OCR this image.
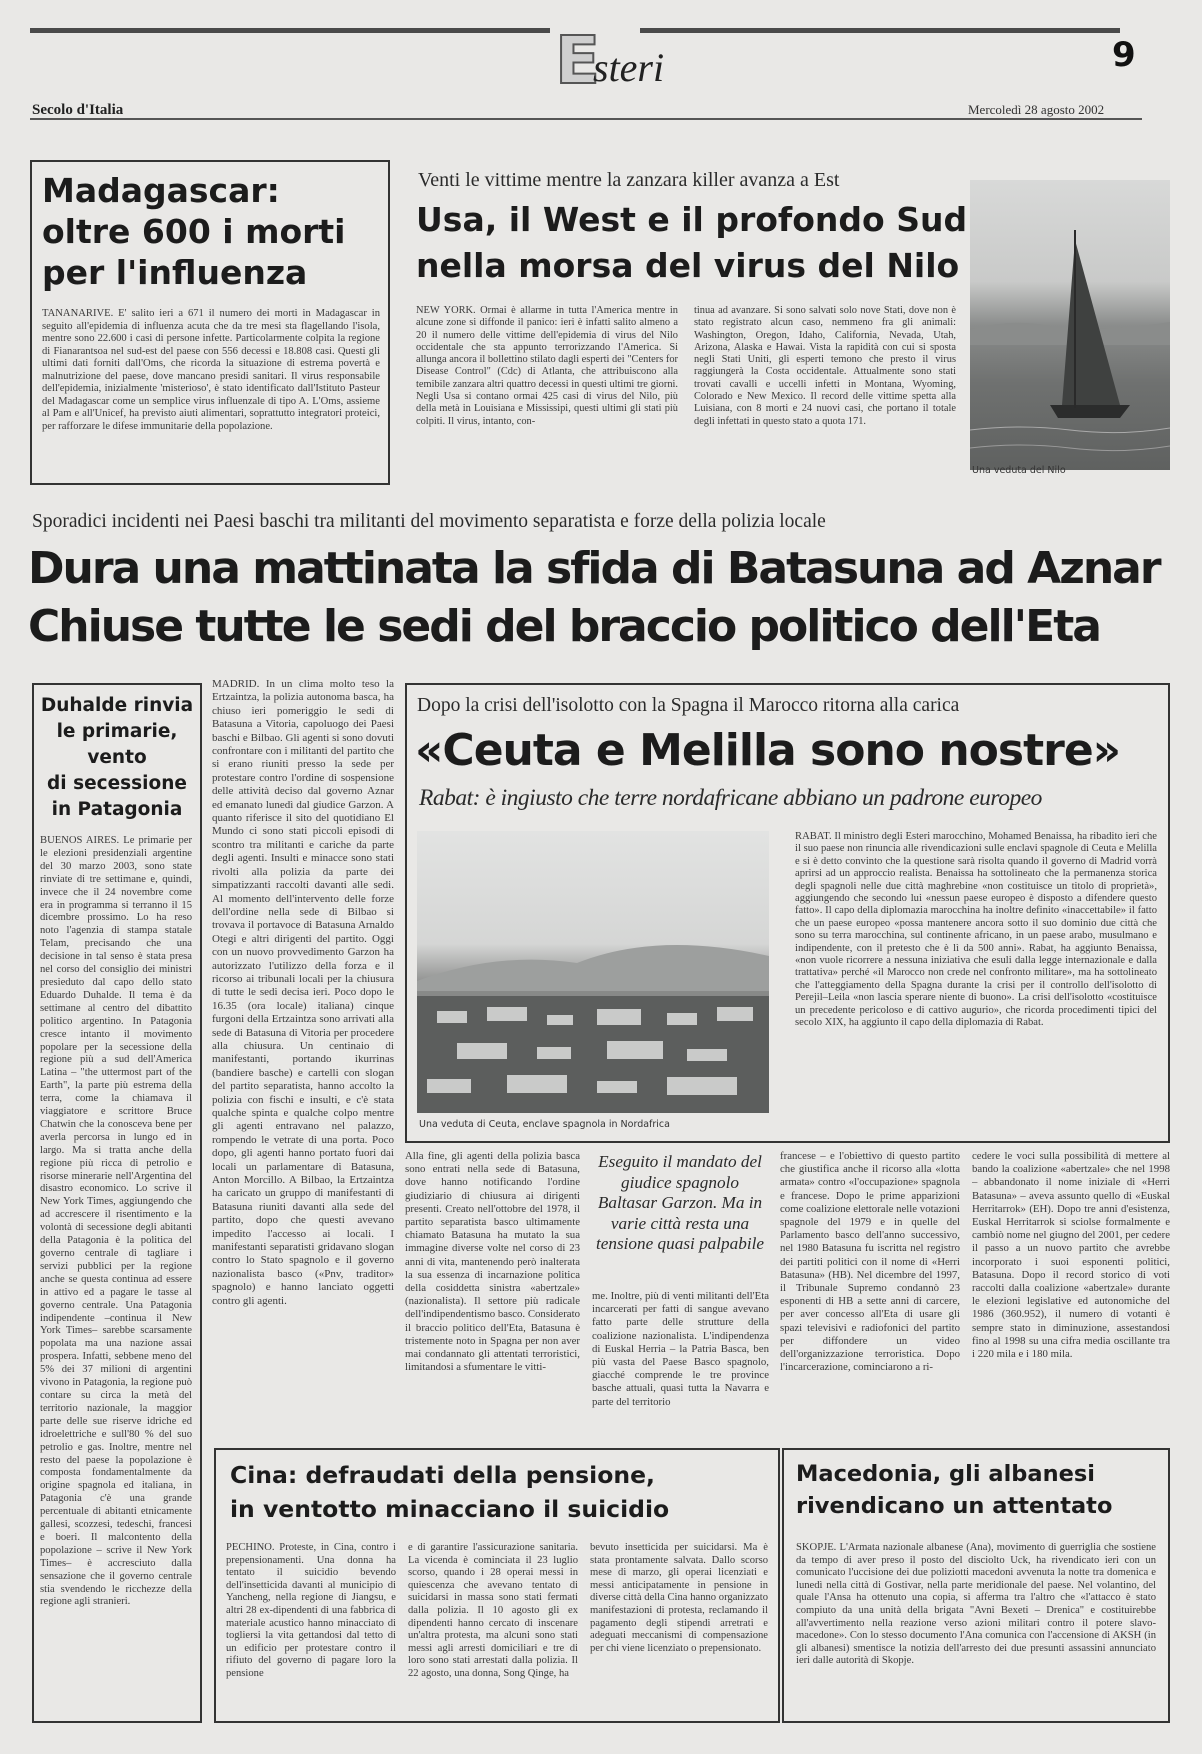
E
steri	9
Secolo d'Italia	Mercoledì 28 agosto 2002
Madagascar:
oltre 600 i morti
per l'influenza
TANANARIVE. E' salito ieri a 671 il numero dei morti in Madagascar in seguito all'epidemia di influenza acuta che da tre mesi sta flagellando l'isola, mentre sono 22.600 i casi di persone infette. Particolarmente colpita la regione di Fianarantsoa nel sud-est del paese con 556 decessi e 18.808 casi. Questi gli ultimi dati forniti dall'Oms, che ricorda la situazione di estrema povertà e malnutrizione del paese, dove mancano presidi sanitari. Il virus responsabile dell'epidemia, inizialmente 'misterioso', è stato identificato dall'Istituto Pasteur del Madagascar come un semplice virus influenzale di tipo A. L'Oms, assieme al Pam e all'Unicef, ha previsto aiuti alimentari, soprattutto integratori proteici, per rafforzare le difese immunitarie della popolazione.
Venti le vittime mentre la zanzara killer avanza a Est
Usa, il West e il profondo Sud
nella morsa del virus del Nilo
NEW YORK. Ormai è allarme in tutta l'America mentre in alcune zone si diffonde il panico: ieri è infatti salito almeno a 20 il numero delle vittime dell'epidemia di virus del Nilo occidentale che sta appunto terrorizzando l'America. Si allunga ancora il bollettino stilato dagli esperti dei "Centers for Disease Control" (Cdc) di Atlanta, che attribuiscono alla temibile zanzara altri quattro decessi in questi ultimi tre giorni. Negli Usa si contano ormai 425 casi di virus del Nilo, più della metà in Louisiana e Mississipi, questi ultimi gli stati più colpiti. Il virus, intanto, con-
tinua ad avanzare. Si sono salvati solo nove Stati, dove non è stato registrato alcun caso, nemmeno fra gli animali: Washington, Oregon, Idaho, California, Nevada, Utah, Arizona, Alaska e Hawai. Vista la rapidità con cui si sposta negli Stati Uniti, gli esperti temono che presto il virus raggiungerà la Costa occidentale. Attualmente sono stati trovati cavalli e uccelli infetti in Montana, Wyoming, Colorado e New Mexico. Il record delle vittime spetta alla Luisiana, con 8 morti e 24 nuovi casi, che portano il totale degli infettati in questo stato a quota 171.
Una veduta del Nilo
Sporadici incidenti nei Paesi baschi tra militanti del movimento separatista e forze della polizia locale
Dura una mattinata la sfida di Batasuna ad Aznar
Chiuse tutte le sedi del braccio politico dell'Eta
Duhalde rinvia
le primarie,
vento
di secessione
in Patagonia
BUENOS AIRES. Le primarie per le elezioni presidenziali argentine del 30 marzo 2003, sono state rinviate di tre settimane e, quindi, invece che il 24 novembre come era in programma si terranno il 15 dicembre prossimo. Lo ha reso noto l'agenzia di stampa statale Telam, precisando che una decisione in tal senso è stata presa nel corso del consiglio dei ministri presieduto dal capo dello stato Eduardo Duhalde. Il tema è da settimane al centro del dibattito politico argentino. In Patagonia cresce intanto il movimento popolare per la secessione della regione più a sud dell'America Latina – "the uttermost part of the Earth", la parte più estrema della terra, come la chiamava il viaggiatore e scrittore Bruce Chatwin che la conosceva bene per averla percorsa in lungo ed in largo. Ma si tratta anche della regione più ricca di petrolio e risorse minerarie nell'Argentina del disastro economico. Lo scrive il New York Times, aggiungendo che ad accrescere il risentimento e la volontà di secessione degli abitanti della Patagonia è la politica del governo centrale di tagliare i servizi pubblici per la regione anche se questa continua ad essere in attivo ed a pagare le tasse al governo centrale. Una Patagonia indipendente –continua il New York Times– sarebbe scarsamente popolata ma una nazione assai prospera. Infatti, sebbene meno del 5% dei 37 milioni di argentini vivono in Patagonia, la regione può contare su circa la metà del territorio nazionale, la maggior parte delle sue riserve idriche ed idroelettriche e sull'80 % del suo petrolio e gas. Inoltre, mentre nel resto del paese la popolazione è composta fondamentalmente da origine spagnola ed italiana, in Patagonia c'è una grande percentuale di abitanti etnicamente gallesi, scozzesi, tedeschi, francesi e boeri. Il malcontento della popolazione – scrive il New York Times– è accresciuto dalla sensazione che il governo centrale stia svendendo le ricchezze della regione agli stranieri.
MADRID. In un clima molto teso la Ertzaintza, la polizia autonoma basca, ha chiuso ieri pomeriggio le sedi di Batasuna a Vitoria, capoluogo dei Paesi baschi e Bilbao. Gli agenti si sono dovuti confrontare con i militanti del partito che si erano riuniti presso la sede per protestare contro l'ordine di sospensione delle attività deciso dal governo Aznar ed emanato lunedì dal giudice Garzon. A quanto riferisce il sito del quotidiano El Mundo ci sono stati piccoli episodi di scontro tra militanti e cariche da parte degli agenti. Insulti e minacce sono stati rivolti alla polizia da parte dei simpatizzanti raccolti davanti alle sedi. Al momento dell'intervento delle forze dell'ordine nella sede di Bilbao si trovava il portavoce di Batasuna Arnaldo Otegi e altri dirigenti del partito. Oggi con un nuovo provvedimento Garzon ha autorizzato l'utilizzo della forza e il ricorso ai tribunali locali per la chiusura di tutte le sedi decisa ieri. Poco dopo le 16.35 (ora locale) italiana) cinque furgoni della Ertzaintza sono arrivati alla sede di Batasuna di Vitoria per procedere alla chiusura. Un centinaio di manifestanti, portando ikurrinas (bandiere basche) e cartelli con slogan del partito separatista, hanno accolto la polizia con fischi e insulti, e c'è stata qualche spinta e qualche colpo mentre gli agenti entravano nel palazzo, rompendo le vetrate di una porta. Poco dopo, gli agenti hanno portato fuori dai locali un parlamentare di Batasuna, Anton Morcillo. A Bilbao, la Ertzaintza ha caricato un gruppo di manifestanti di Batasuna riuniti davanti alla sede del partito, dopo che questi avevano impedito l'accesso ai locali. I manifestanti separatisti gridavano slogan contro lo Stato spagnolo e il governo nazionalista basco («Pnv, traditor» spagnolo) e hanno lanciato oggetti contro gli agenti.
Dopo la crisi dell'isolotto con la Spagna il Marocco ritorna alla carica
«Ceuta e Melilla sono nostre»
Rabat: è ingiusto che terre nordafricane abbiano un padrone europeo
Una veduta di Ceuta, enclave spagnola in Nordafrica
RABAT. Il ministro degli Esteri marocchino, Mohamed Benaissa, ha ribadito ieri che il suo paese non rinuncia alle rivendicazioni sulle enclavi spagnole di Ceuta e Melilla e si è detto convinto che la questione sarà risolta quando il governo di Madrid vorrà aprirsi ad un approccio realista. Benaissa ha sottolineato che la permanenza storica degli spagnoli nelle due città maghrebine «non costituisce un titolo di proprietà», aggiungendo che secondo lui «nessun paese europeo è disposto a difendere questo fatto». Il capo della diplomazia marocchina ha inoltre definito «inaccettabile» il fatto che un paese europeo «possa mantenere ancora sotto il suo dominio due città che sono su terra marocchina, sul continente africano, in un paese arabo, musulmano e indipendente, con il pretesto che è lì da 500 anni». Rabat, ha aggiunto Benaissa, «non vuole ricorrere a nessuna iniziativa che esuli dalla legge internazionale e dalla trattativa» perché «il Marocco non crede nel confronto militare», ma ha sottolineato che l'atteggiamento della Spagna durante la crisi per il controllo dell'isolotto di Perejil–Leila «non lascia sperare niente di buono». La crisi dell'isolotto «costituisce un precedente pericoloso e di cattivo augurio», che ricorda procedimenti tipici del secolo XIX, ha aggiunto il capo della diplomazia di Rabat.
Alla fine, gli agenti della polizia basca sono entrati nella sede di Batasuna, dove hanno notificando l'ordine giudiziario di chiusura ai dirigenti presenti. Creato nell'ottobre del 1978, il partito separatista basco ultimamente chiamato Batasuna ha mutato la sua immagine diverse volte nel corso di 23 anni di vita, mantenendo però inalterata la sua essenza di incarnazione politica della cosiddetta sinistra «abertzale» (nazionalista). Il settore più radicale dell'indipendentismo basco. Considerato il braccio politico dell'Eta, Batasuna è tristemente noto in Spagna per non aver mai condannato gli attentati terroristici, limitandosi a sfumentare le vitti-
Eseguito il mandato del giudice spagnolo Baltasar Garzon. Ma in varie città resta una tensione quasi palpabile
me. Inoltre, più di venti militanti dell'Eta incarcerati per fatti di sangue avevano fatto parte delle strutture della coalizione nazionalista. L'indipendenza di Euskal Herria – la Patria Basca, ben più vasta del Paese Basco spagnolo, giacché comprende le tre province basche attuali, quasi tutta la Navarra e parte del territorio
francese – e l'obiettivo di questo partito che giustifica anche il ricorso alla «lotta armata» contro «l'occupazione» spagnola e francese. Dopo le prime apparizioni come coalizione elettorale nelle votazioni spagnole del 1979 e in quelle del Parlamento basco dell'anno successivo, nel 1980 Batasuna fu iscritta nel registro dei partiti politici con il nome di «Herri Batasuna» (HB). Nel dicembre del 1997, il Tribunale Supremo condannò 23 esponenti di HB a sette anni di carcere, per aver concesso all'Eta di usare gli spazi televisivi e radiofonici del partito per diffondere un video dell'organizzazione terroristica. Dopo l'incarcerazione, cominciarono a ri-
cedere le voci sulla possibilità di mettere al bando la coalizione «abertzale» che nel 1998 – abbandonato il nome iniziale di «Herri Batasuna» – aveva assunto quello di «Euskal Herritarrok» (EH). Dopo tre anni d'esistenza, Euskal Herritarrok si sciolse formalmente e cambiò nome nel giugno del 2001, per cedere il passo a un nuovo partito che avrebbe incorporato i suoi esponenti politici, Batasuna. Dopo il record storico di voti raccolti dalla coalizione «abertzale» durante le elezioni legislative ed autonomiche del 1986 (360.952), il numero di votanti è sempre stato in diminuzione, assestandosi fino al 1998 su una cifra media oscillante tra i 220 mila e i 180 mila.
Cina: defraudati della pensione,
in ventotto minacciano il suicidio
PECHINO. Proteste, in Cina, contro i prepensionamenti. Una donna ha tentato il suicidio bevendo dell'insetticida davanti al municipio di Yancheng, nella regione di Jiangsu, e altri 28 ex-dipendenti di una fabbrica di materiale acustico hanno minacciato di togliersi la vita gettandosi dal tetto di un edificio per protestare contro il rifiuto del governo di pagare loro la pensione
e di garantire l'assicurazione sanitaria. La vicenda è cominciata il 23 luglio scorso, quando i 28 operai messi in quiescenza che avevano tentato di suicidarsi in massa sono stati fermati dalla polizia. Il 10 agosto gli ex dipendenti hanno cercato di inscenare un'altra protesta, ma alcuni sono stati messi agli arresti domiciliari e tre di loro sono stati arrestati dalla polizia. Il 22 agosto, una donna, Song Qinge, ha
bevuto insetticida per suicidarsi. Ma è stata prontamente salvata. Dallo scorso mese di marzo, gli operai licenziati e messi anticipatamente in pensione in diverse città della Cina hanno organizzato manifestazioni di protesta, reclamando il pagamento degli stipendi arretrati e adeguati meccanismi di compensazione per chi viene licenziato o prepensionato.
Macedonia, gli albanesi
rivendicano un attentato
SKOPJE. L'Armata nazionale albanese (Ana), movimento di guerriglia che sostiene da tempo di aver preso il posto del disciolto Uck, ha rivendicato ieri con un comunicato l'uccisione dei due poliziotti macedoni avvenuta la notte tra domenica e lunedì nella città di Gostivar, nella parte meridionale del paese. Nel volantino, del quale l'Ansa ha ottenuto una copia, si afferma tra l'altro che «l'attacco è stato compiuto da una unità della brigata "Avni Bexeti – Drenica" e costituirebbe all'avvertimento nella reazione verso azioni militari contro il potere slavo-macedone». Con lo stesso documento l'Ana comunica con l'accensione di AKSH (in gli albanesi) smentisce la notizia dell'arresto dei due presunti assassini annunciato ieri dalle autorità di Skopje.
